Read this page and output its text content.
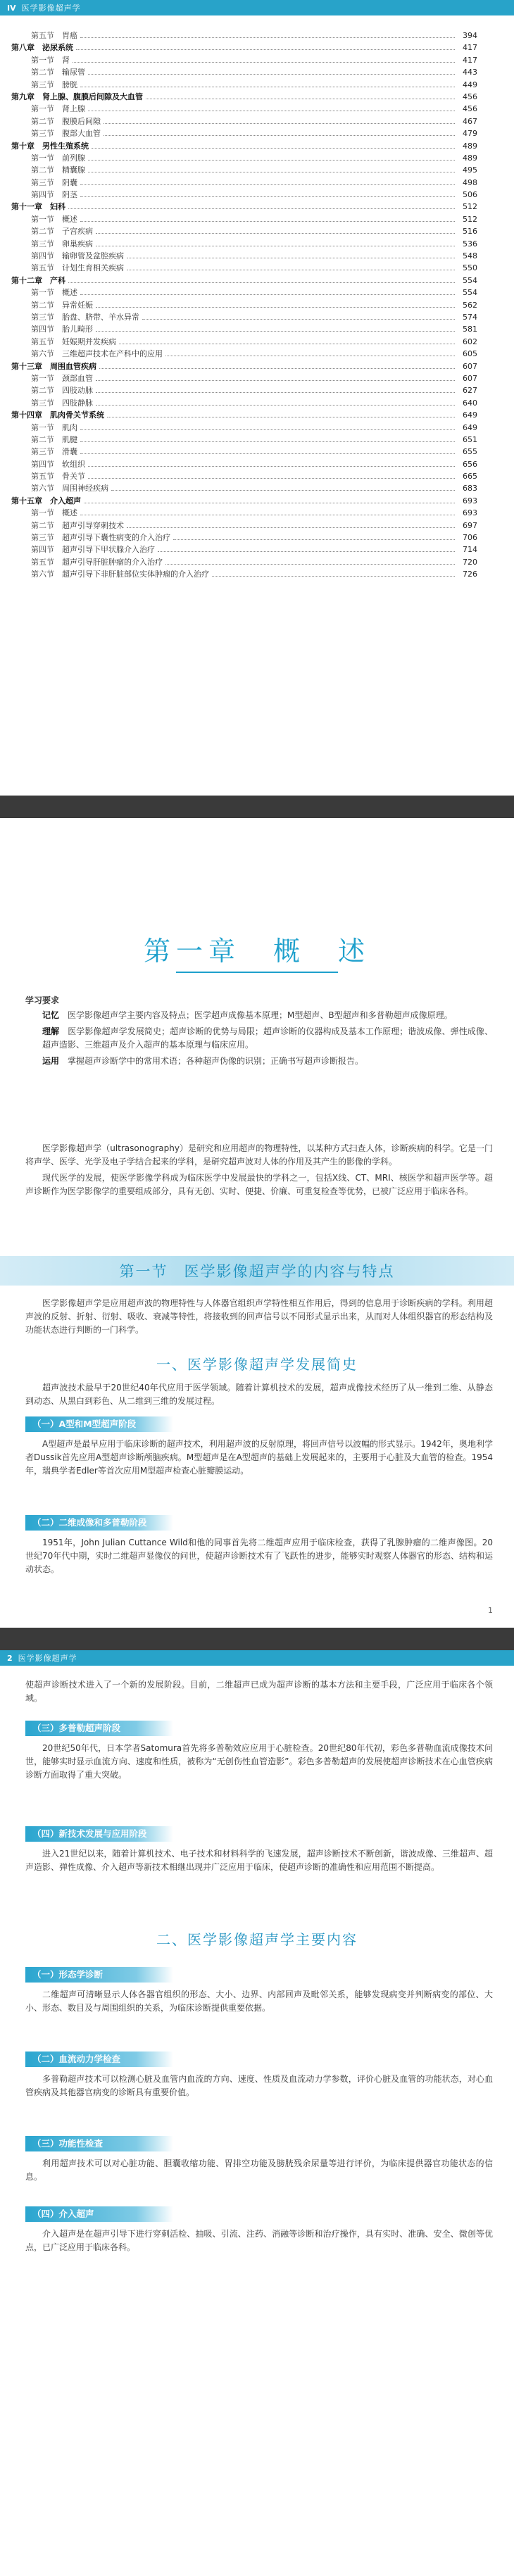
IV 医学影像超声学
第五节　胃癌	394
第八章　泌尿系统	417
第一节　肾	417
第二节　输尿管	443
第三节　膀胱	449
第九章　肾上腺、腹膜后间隙及大血管	456
第一节　肾上腺	456
第二节　腹膜后间隙	467
第三节　腹部大血管	479
第十章　男性生殖系统	489
第一节　前列腺	489
第二节　精囊腺	495
第三节　阴囊	498
第四节　阴茎	506
第十一章　妇科	512
第一节　概述	512
第二节　子宫疾病	516
第三节　卵巢疾病	536
第四节　输卵管及盆腔疾病	548
第五节　计划生育相关疾病	550
第十二章　产科	554
第一节　概述	554
第二节　异常妊娠	562
第三节　胎盘、脐带、羊水异常	574
第四节　胎儿畸形	581
第五节　妊娠期并发疾病	602
第六节　三维超声技术在产科中的应用	605
第十三章　周围血管疾病	607
第一节　颈部血管	607
第二节　四肢动脉	627
第三节　四肢静脉	640
第十四章　肌肉骨关节系统	649
第一节　肌肉	649
第二节　肌腱	651
第三节　滑囊	655
第四节　软组织	656
第五节　骨关节	665
第六节　周围神经疾病	683
第十五章　介入超声	693
第一节　概述	693
第二节　超声引导穿刺技术	697
第三节　超声引导下囊性病变的介入治疗	706
第四节　超声引导下甲状腺介入治疗	714
第五节　超声引导肝脏肿瘤的介入治疗	720
第六节　超声引导下非肝脏部位实体肿瘤的介入治疗	726
第一章　概　述

学习要求

记忆　 医学影像超声学主要内容及特点；医学超声成像基本原理；M型超声、B型超声和多普勒超声成像原理。

理解　 医学影像超声学发展简史；超声诊断的优势与局限；超声诊断的仪器构成及基本工作原理；谐波成像、弹性成像、超声造影、三维超声及介入超声的基本原理与临床应用。

运用　 掌握超声诊断学中的常用术语；各种超声伪像的识别；正确书写超声诊断报告。

医学影像超声学（ultrasonography）是研究和应用超声的物理特性，以某种方式扫查人体，诊断疾病的科学。它是一门将声学、医学、光学及电子学结合起来的学科，是研究超声波对人体的作用及其产生的影像的学科。

现代医学的发展，使医学影像学科成为临床医学中发展最快的学科之一，包括X线、CT、MRI、核医学和超声医学等。超声诊断作为医学影像学的重要组成部分，具有无创、实时、便捷、价廉、可重复检查等优势，已被广泛应用于临床各科。

第一节　医学影像超声学的内容与特点

医学影像超声学是应用超声波的物理特性与人体器官组织声学特性相互作用后，得到的信息用于诊断疾病的学科。利用超声波的反射、折射、衍射、吸收、衰减等特性，将接收到的回声信号以不同形式显示出来，从而对人体组织器官的形态结构及功能状态进行判断的一门科学。

一、医学影像超声学发展简史

超声波技术最早于20世纪40年代应用于医学领域。随着计算机技术的发展，超声成像技术经历了从一维到二维、从静态到动态、从黑白到彩色、从二维到三维的发展过程。

（一）A型和M型超声阶段

A型超声是最早应用于临床诊断的超声技术，利用超声波的反射原理，将回声信号以波幅的形式显示。1942年，奥地利学者Dussik首先应用A型超声诊断颅脑疾病。M型超声是在A型超声的基础上发展起来的，主要用于心脏及大血管的检查。1954年，瑞典学者Edler等首次应用M型超声检查心脏瓣膜运动。

（二）二维成像和多普勒阶段

1951年，John Julian Cuttance Wild和他的同事首先将二维超声应用于临床检查，获得了乳腺肿瘤的二维声像图。20世纪70年代中期，实时二维超声显像仪的问世，使超声诊断技术有了飞跃性的进步，能够实时观察人体器官的形态、结构和运动状态。

1
2 医学影像超声学

使超声诊断技术进入了一个新的发展阶段。目前，二维超声已成为超声诊断的基本方法和主要手段，广泛应用于临床各个领域。

（三）多普勒超声阶段

20世纪50年代，日本学者Satomura首先将多普勒效应应用于心脏检查。20世纪80年代初，彩色多普勒血流成像技术问世，能够实时显示血流方向、速度和性质，被称为“无创伤性血管造影”。彩色多普勒超声的发展使超声诊断技术在心血管疾病诊断方面取得了重大突破。

（四）新技术发展与应用阶段

进入21世纪以来，随着计算机技术、电子技术和材料科学的飞速发展，超声诊断技术不断创新，谐波成像、三维超声、超声造影、弹性成像、介入超声等新技术相继出现并广泛应用于临床，使超声诊断的准确性和应用范围不断提高。

二、医学影像超声学主要内容
（一）形态学诊断

二维超声可清晰显示人体各器官组织的形态、大小、边界、内部回声及毗邻关系，能够发现病变并判断病变的部位、大小、形态、数目及与周围组织的关系，为临床诊断提供重要依据。

（二）血流动力学检查

多普勒超声技术可以检测心脏及血管内血流的方向、速度、性质及血流动力学参数，评价心脏及血管的功能状态，对心血管疾病及其他器官病变的诊断具有重要价值。

（三）功能性检查

利用超声技术可以对心脏功能、胆囊收缩功能、胃排空功能及膀胱残余尿量等进行评价，为临床提供器官功能状态的信息。

（四）介入超声

介入超声是在超声引导下进行穿刺活检、抽吸、引流、注药、消融等诊断和治疗操作，具有实时、准确、安全、微创等优点，已广泛应用于临床各科。
